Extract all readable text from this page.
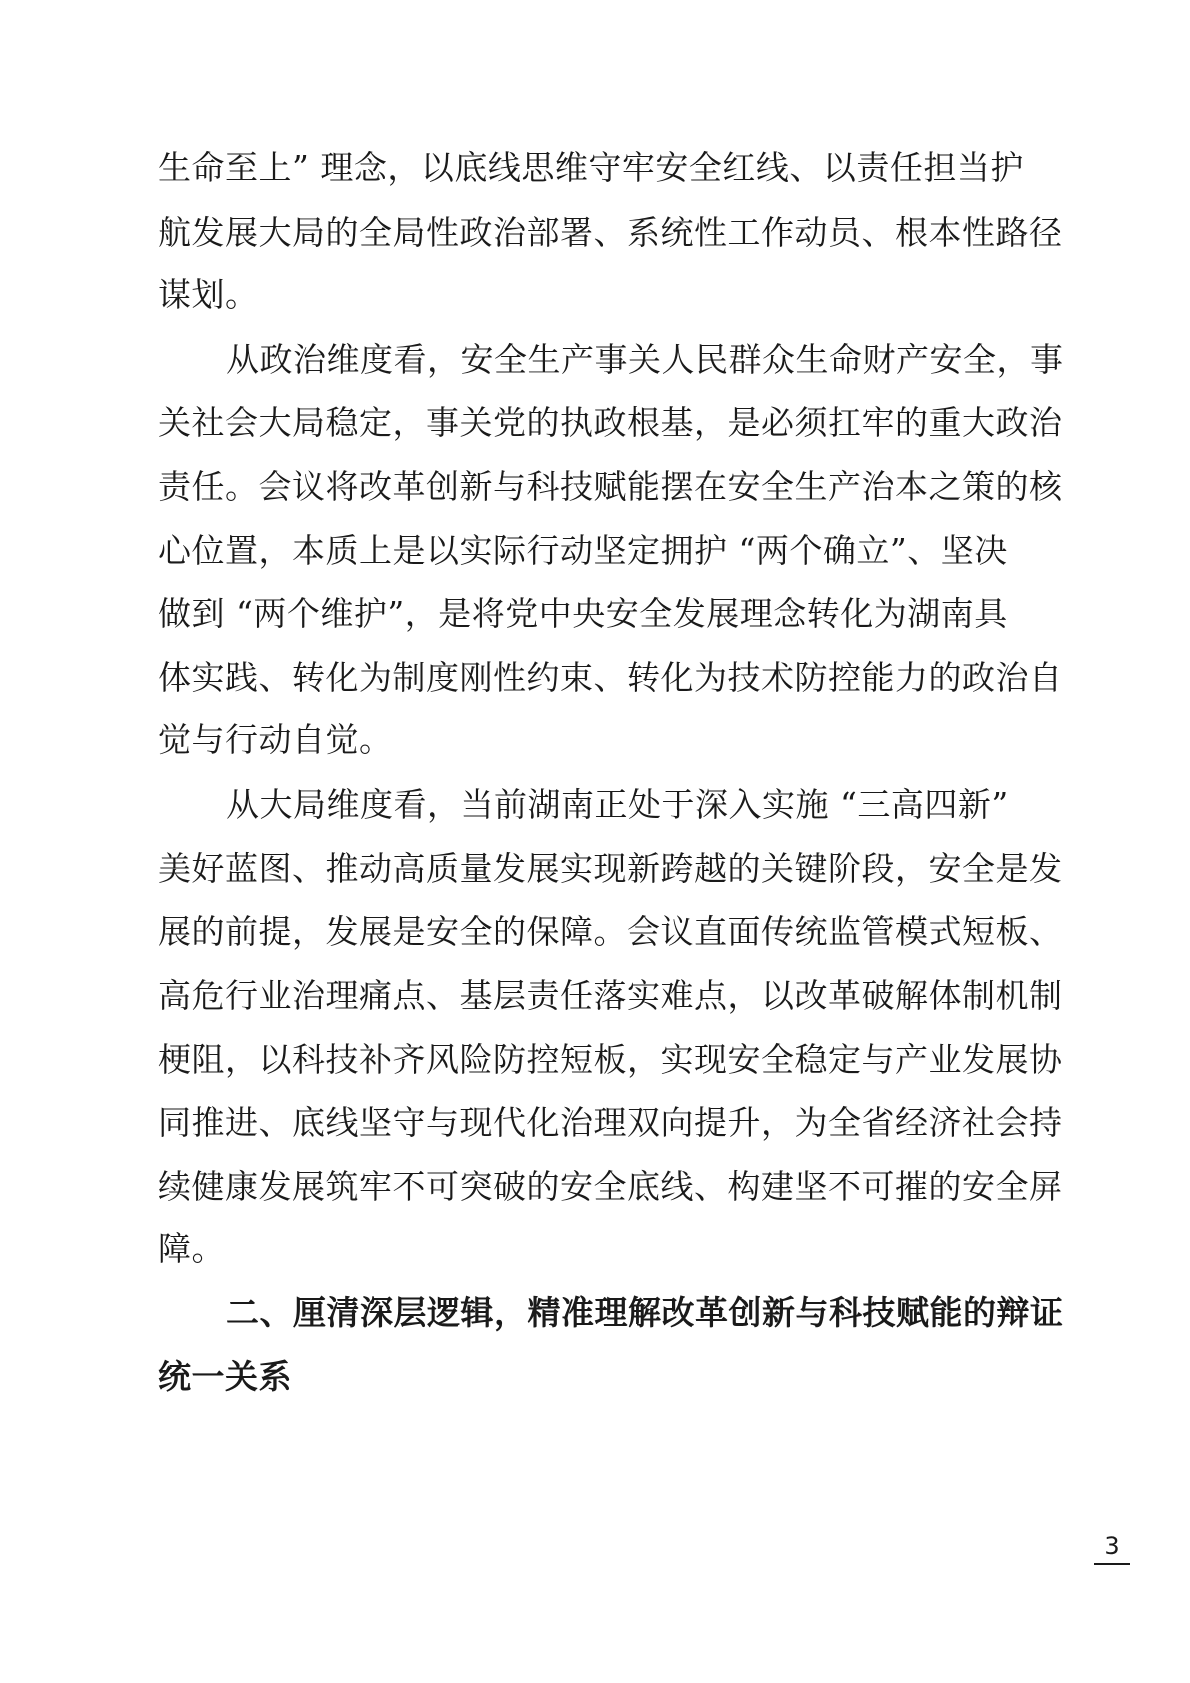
生命至上” 理念，以底线思维守牢安全红线、以责任担当护
航发展大局的全局性政治部署、系统性工作动员、根本性路径
谋划。
从政治维度看，安全生产事关人民群众生命财产安全，事
关社会大局稳定，事关党的执政根基，是必须扛牢的重大政治
责任。会议将改革创新与科技赋能摆在安全生产治本之策的核
心位置，本质上是以实际行动坚定拥护 “两个确立”、坚决
做到 “两个维护”，是将党中央安全发展理念转化为湖南具
体实践、转化为制度刚性约束、转化为技术防控能力的政治自
觉与行动自觉。
从大局维度看，当前湖南正处于深入实施 “三高四新”
美好蓝图、推动高质量发展实现新跨越的关键阶段，安全是发
展的前提，发展是安全的保障。会议直面传统监管模式短板、
高危行业治理痛点、基层责任落实难点，以改革破解体制机制
梗阻，以科技补齐风险防控短板，实现安全稳定与产业发展协
同推进、底线坚守与现代化治理双向提升，为全省经济社会持
续健康发展筑牢不可突破的安全底线、构建坚不可摧的安全屏
障。
二、厘清深层逻辑，精准理解改革创新与科技赋能的辩证
统一关系
3
